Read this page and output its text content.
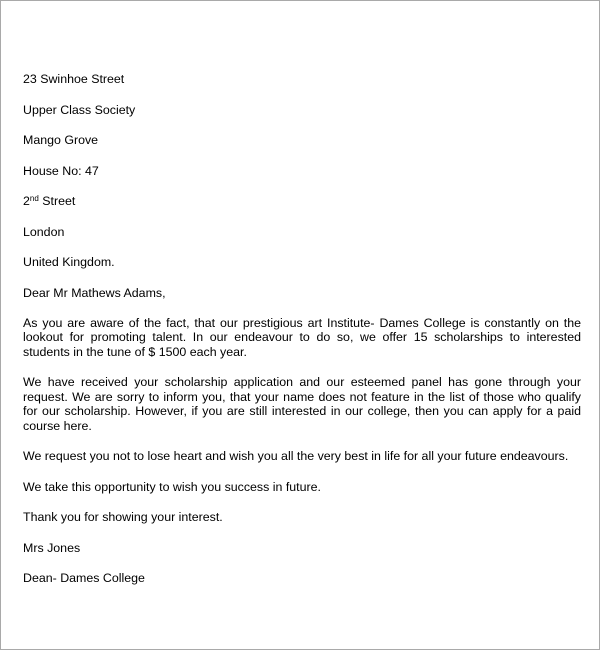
23 Swinhoe Street
Upper Class Society
Mango Grove
House No: 47
2nd Street
London
United Kingdom.
Dear Mr Mathews Adams,
As you are aware of the fact, that our prestigious art Institute- Dames College is constantly on the lookout for promoting talent. In our endeavour to do so, we offer 15 scholarships to interested students in the tune of $ 1500 each year.
We have received your scholarship application and our esteemed panel has gone through your request. We are sorry to inform you, that your name does not feature in the list of those who qualify for our scholarship. However, if you are still interested in our college, then you can apply for a paid course here.
We request you not to lose heart and wish you all the very best in life for all your future endeavours.
We take this opportunity to wish you success in future.
Thank you for showing your interest.
Mrs Jones
Dean- Dames College
